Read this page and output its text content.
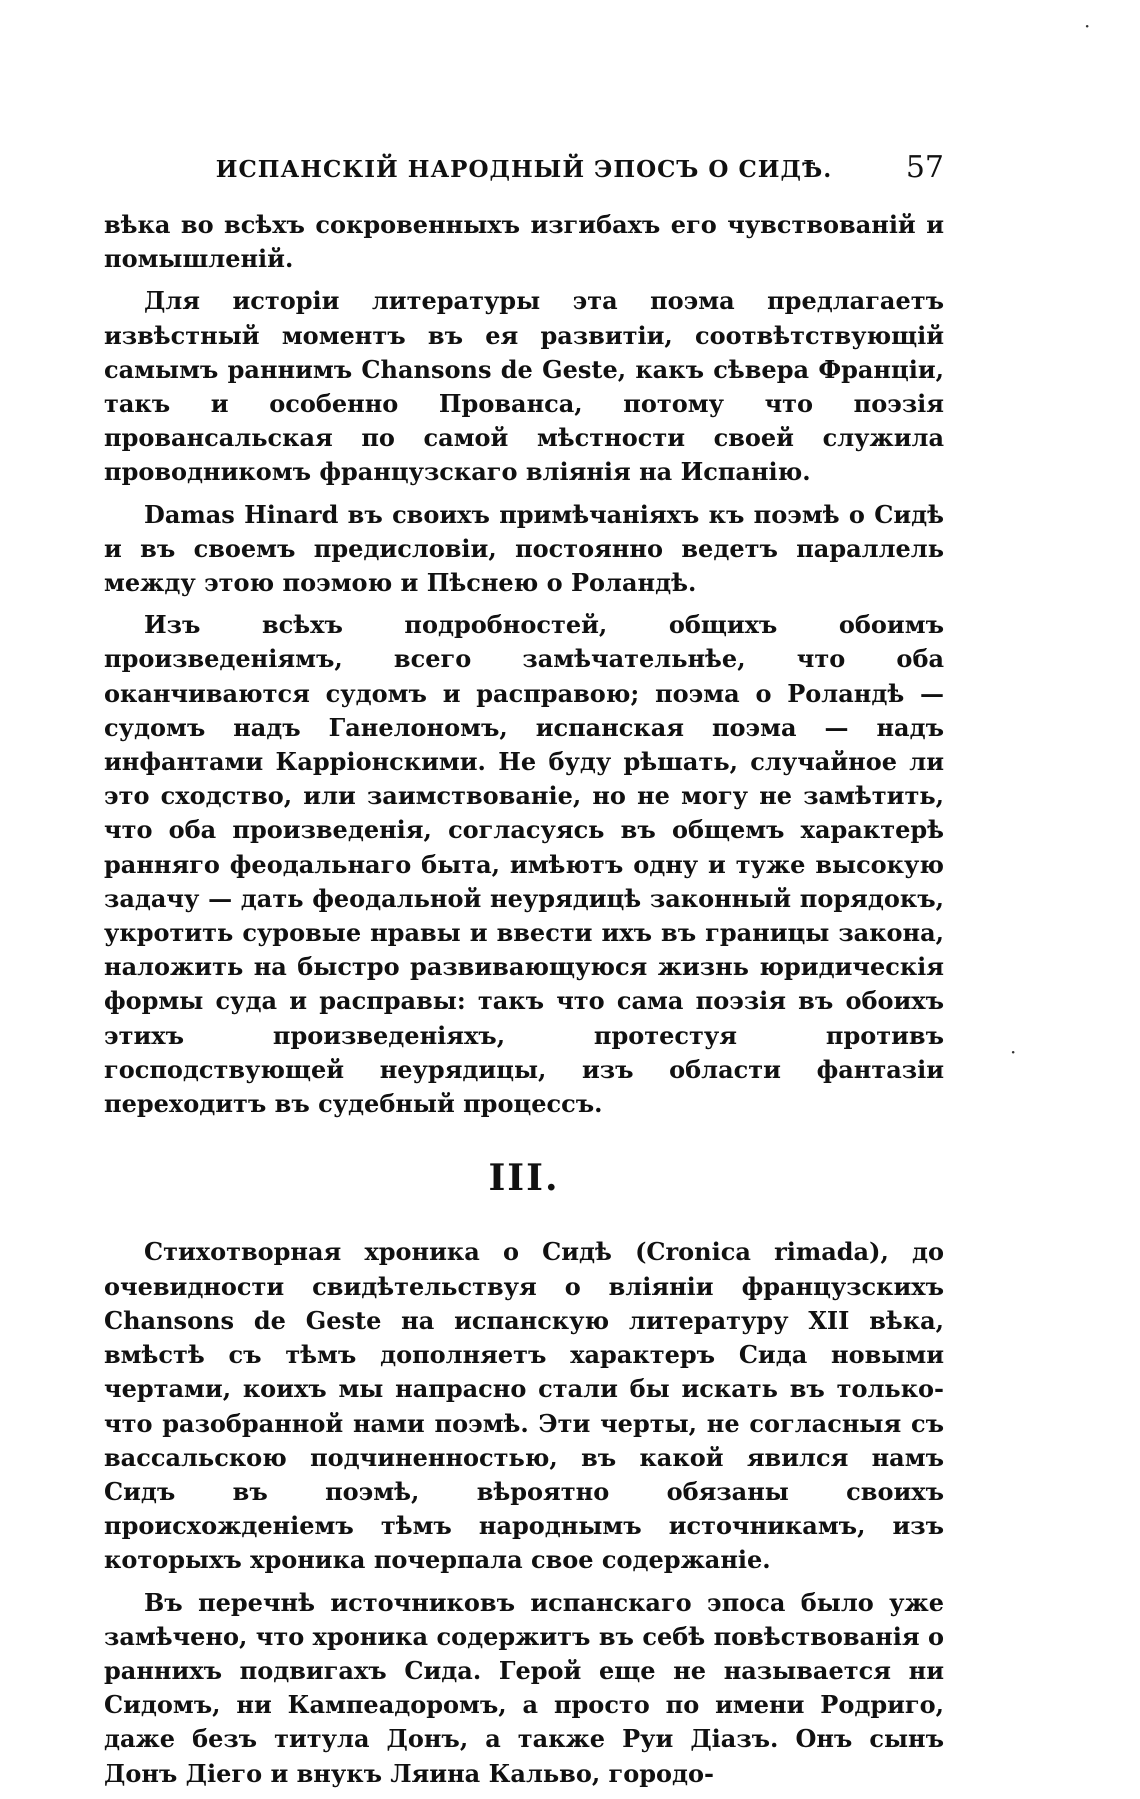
ИСПАНСКІЙ НАРОДНЫЙ ЭПОСЪ О СИДѢ.	57

вѣка во всѣхъ сокровенныхъ изгибахъ его чувствованій и помышленій.

Для исторіи литературы эта поэма предлагаетъ извѣстный моментъ въ ея развитіи, соотвѣтствующій самымъ раннимъ Chansons de Geste, какъ сѣвера Франціи, такъ и особенно Прованса, потому что поэзія провансальская по самой мѣстности своей служила проводникомъ французскаго вліянія на Испанію.

Damas Hinard въ своихъ примѣчаніяхъ къ поэмѣ о Сидѣ и въ своемъ предисловіи, постоянно ведетъ параллель между этою поэмою и Пѣснею о Роландѣ.

Изъ всѣхъ подробностей, общихъ обоимъ произведеніямъ, всего замѣчательнѣе, что оба оканчиваются судомъ и расправою; поэма о Роландѣ — судомъ надъ Ганелономъ, испанская поэма — надъ инфантами Карріонскими. Не буду рѣшать, случайное ли это сходство, или заимствованіе, но не могу не замѣтить, что оба произведенія, согласуясь въ общемъ характерѣ ранняго феодальнаго быта, имѣютъ одну и туже высокую задачу — дать феодальной неурядицѣ законный порядокъ, укротить суровые нравы и ввести ихъ въ границы закона, наложить на быстро развивающуюся жизнь юридическія формы суда и расправы: такъ что сама поэзія въ обоихъ этихъ произведеніяхъ, протестуя противъ господствующей неурядицы, изъ области фантазіи переходитъ въ судебный процессъ.

III.

Стихотворная хроника о Сидѣ (Cronica rimada), до очевидности свидѣтельствуя о вліяніи французскихъ Chansons de Geste на испанскую литературу XII вѣка, вмѣстѣ съ тѣмъ дополняетъ характеръ Сида новыми чертами, коихъ мы напрасно стали бы искать въ только-что разобранной нами поэмѣ. Эти черты, не согласныя съ вассальскою подчиненностью, въ какой явился намъ Сидъ въ поэмѣ, вѣроятно обязаны своихъ происхожденіемъ тѣмъ народнымъ источникамъ, изъ которыхъ хроника почерпала свое содержаніе.

Въ перечнѣ источниковъ испанскаго эпоса было уже замѣчено, что хроника содержитъ въ себѣ повѣствованія о раннихъ подвигахъ Сида. Герой еще не называется ни Сидомъ, ни Кампеадоромъ, а просто по имени Родриго, даже безъ титула Донъ, а также Руи Діазъ. Онъ сынъ Донъ Діего и внукъ Ляина Кальво, городо-

·
·
